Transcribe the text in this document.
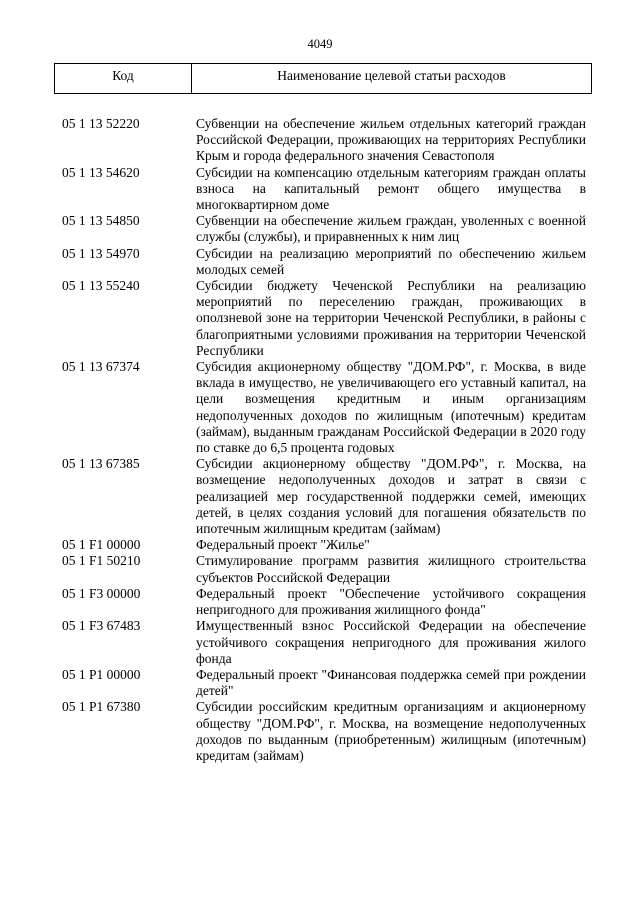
4049
Код	Наименование целевой статьи расходов
05 1 13 52220	Субвенции на обеспечение жильем отдельных категорий граждан Российской Федерации, проживающих на территориях Республики Крым и города федерального значения Севастополя
05 1 13 54620	Субсидии на компенсацию отдельным категориям граждан оплаты взноса на капитальный ремонт общего имущества в многоквартирном доме
05 1 13 54850	Субвенции на обеспечение жильем граждан, уволенных с военной службы (службы), и приравненных к ним лиц
05 1 13 54970	Субсидии на реализацию мероприятий по обеспечению жильем молодых семей
05 1 13 55240	Субсидии бюджету Чеченской Республики на реализацию мероприятий по переселению граждан, проживающих в оползневой зоне на территории Чеченской Республики, в районы с благоприятными условиями проживания на территории Чеченской Республики
05 1 13 67374	Субсидия акционерному обществу "ДОМ.РФ", г. Москва, в виде вклада в имущество, не увеличивающего его уставный капитал, на цели возмещения кредитным и иным организациям недополученных доходов по жилищным (ипотечным) кредитам (займам), выданным гражданам Российской Федерации в 2020 году по ставке до 6,5 процента годовых
05 1 13 67385	Субсидии акционерному обществу "ДОМ.РФ", г. Москва, на возмещение недополученных доходов и затрат в связи с реализацией мер государственной поддержки семей, имеющих детей, в целях создания условий для погашения обязательств по ипотечным жилищным кредитам (займам)
05 1 F1 00000	Федеральный проект "Жилье"
05 1 F1 50210	Стимулирование программ развития жилищного строительства субъектов Российской Федерации
05 1 F3 00000	Федеральный проект "Обеспечение устойчивого сокращения непригодного для проживания жилищного фонда"
05 1 F3 67483	Имущественный взнос Российской Федерации на обеспечение устойчивого сокращения непригодного для проживания жилого фонда
05 1 P1 00000	Федеральный проект "Финансовая поддержка семей при рождении детей"
05 1 P1 67380	Субсидии российским кредитным организациям и акционерному обществу "ДОМ.РФ", г. Москва, на возмещение недополученных доходов по выданным (приобретенным) жилищным (ипотечным) кредитам (займам)
